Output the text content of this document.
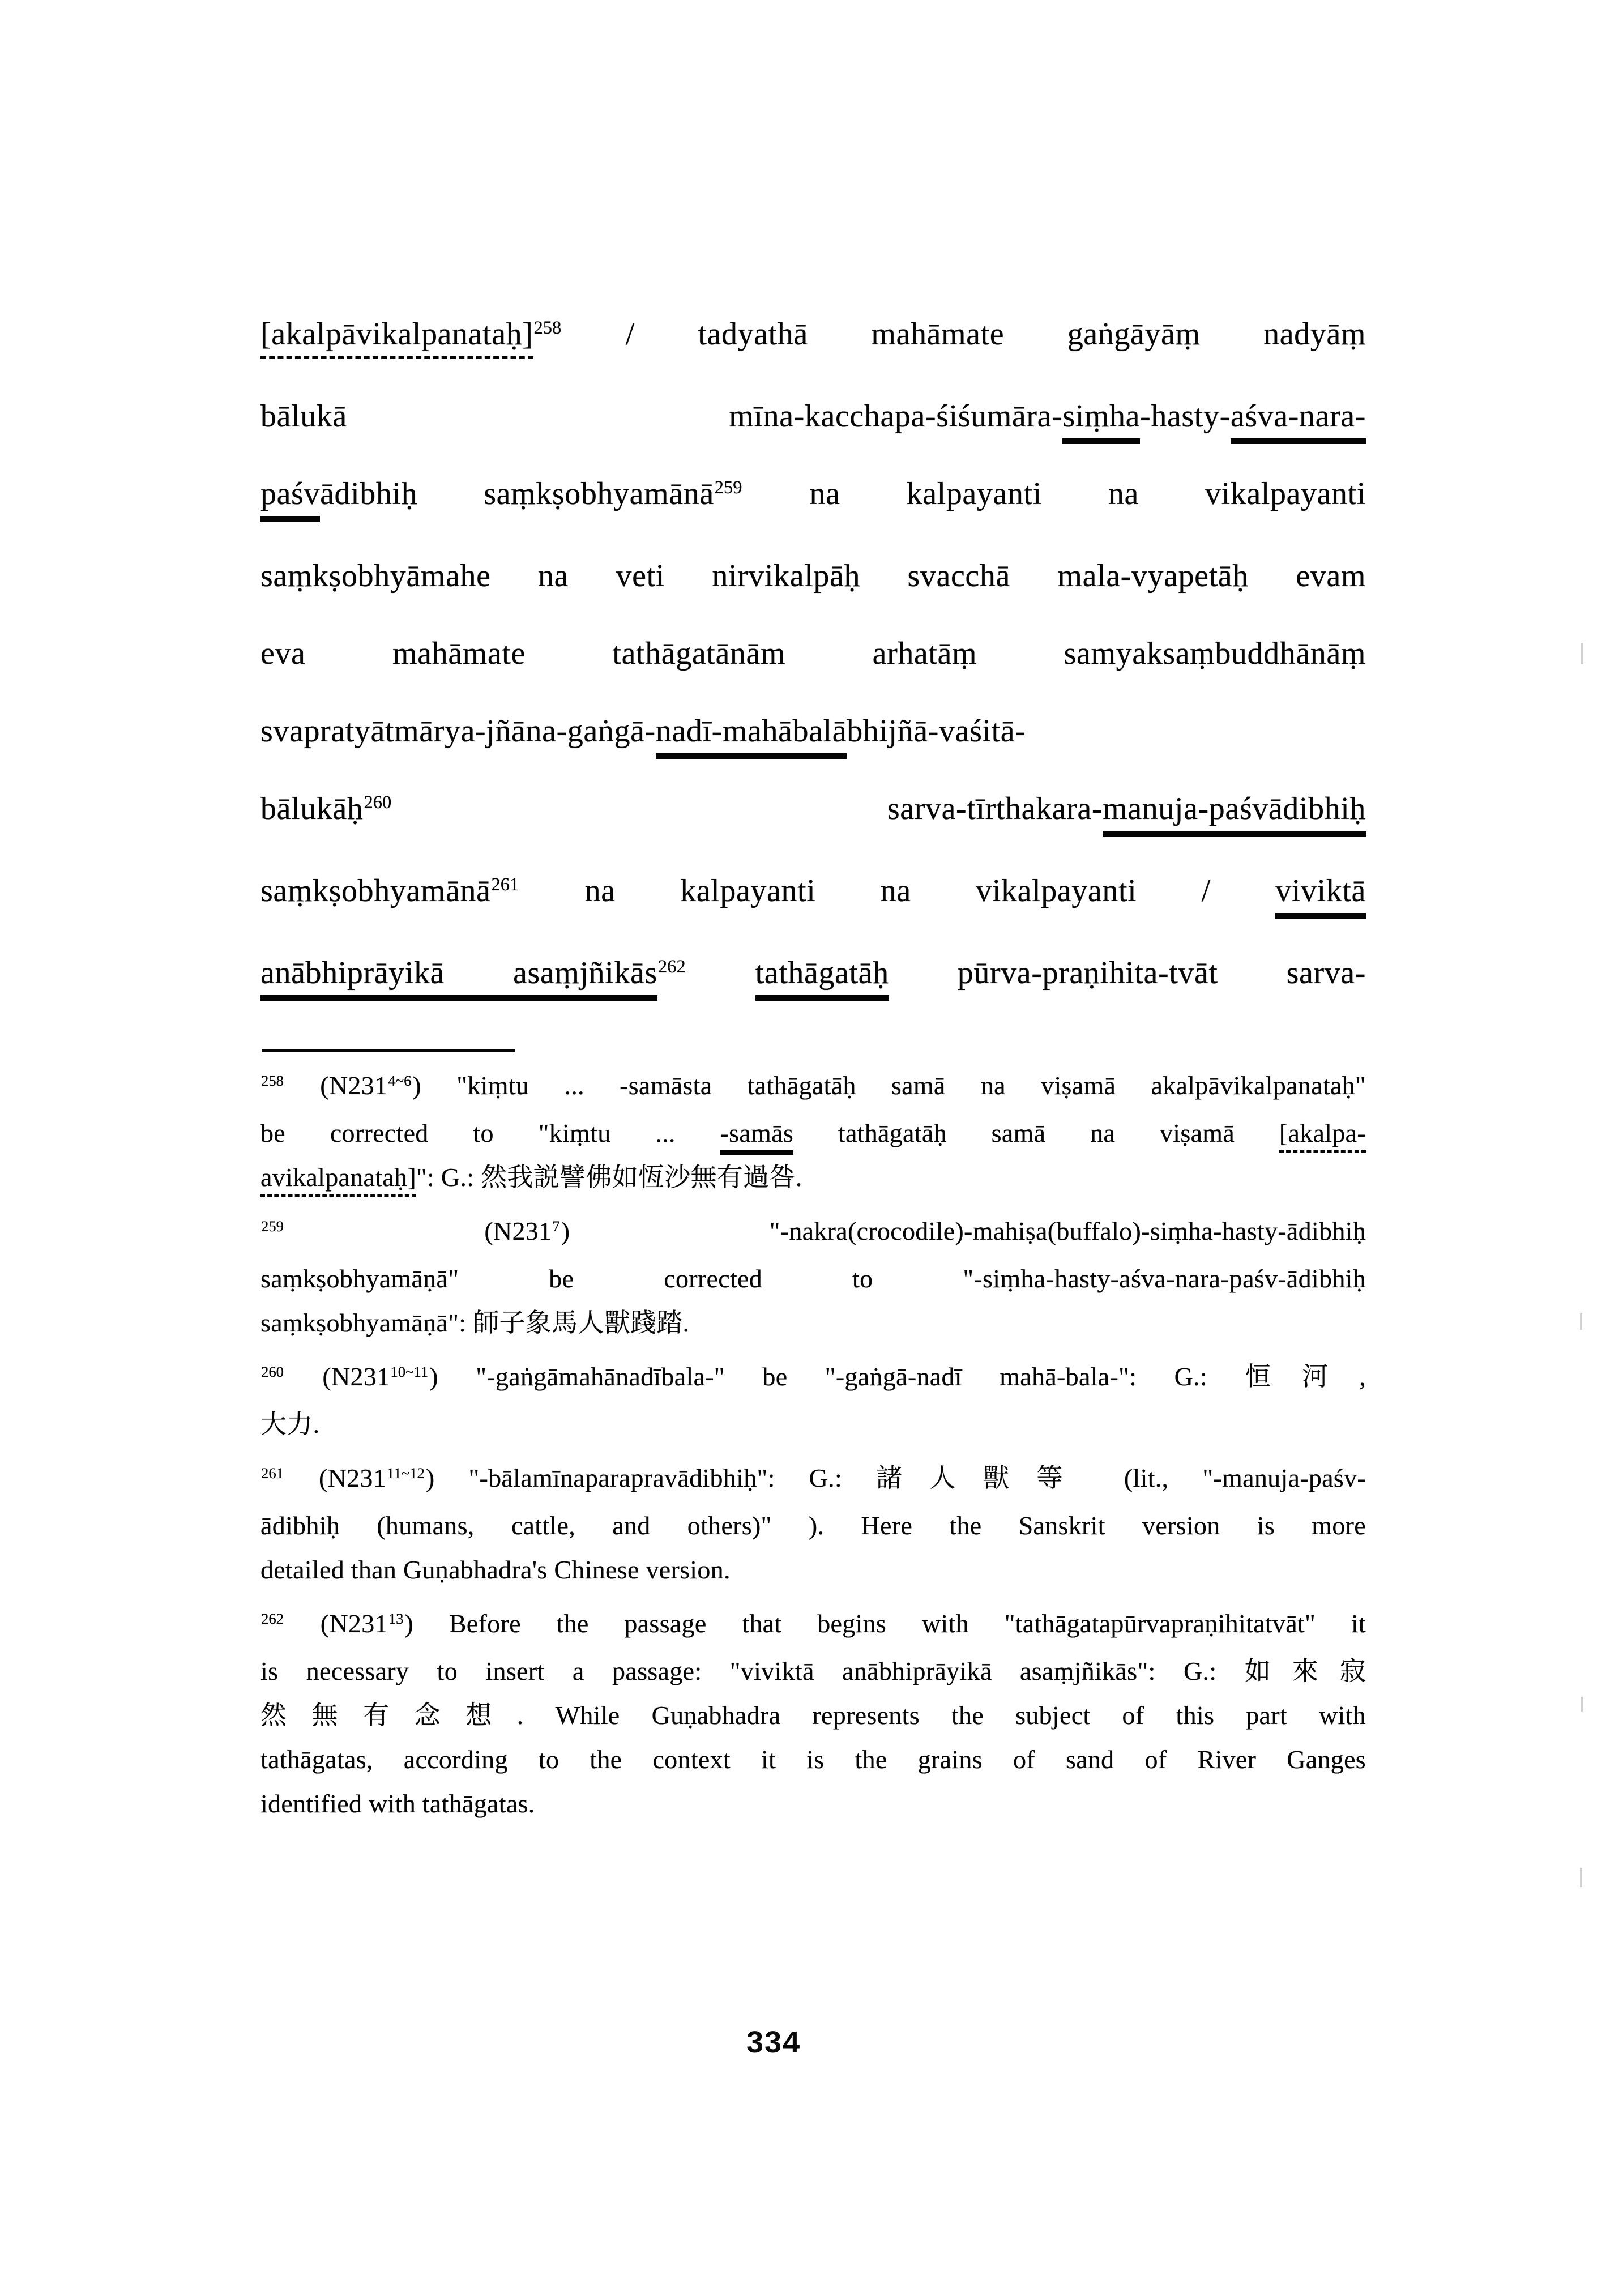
[akalpāvikalpanataḥ]$^{258}$ / tadyathā mahāmate gaṅgāyāṃ nadyāṃ
bālukā	mīna-kacchapa-śiśumāra-siṃha-hasty-aśva-nara-
paśvādibhiḥ saṃkṣobhyamānā$^{259}$ na kalpayanti na vikalpayanti
saṃkṣobhyāmahe na veti nirvikalpāḥ svacchā mala-vyapetāḥ evam
eva mahāmate tathāgatānām arhatāṃ samyaksaṃbuddhānāṃ
svapratyātmārya-jñāna-gaṅgā-nadī-mahābalābhijñā-vaśitā-
bālukāḥ$^{260}$	sarva-tīrthakara-manuja-paśvādibhiḥ
saṃkṣobhyamānā$^{261}$ na kalpayanti na vikalpayanti / viviktā
anābhiprāyikā asaṃjñikās$^{262}$ tathāgatāḥ pūrva-praṇihita-tvāt sarva-
$^{258}$ (N231$^{4\sim 6}$) "kiṃtu ... -samāsta tathāgatāḥ samā na viṣamā akalpāvikalpanataḥ"
be corrected to "kiṃtu ... -samās tathāgatāḥ samā na viṣamā [akalpa-
avikalpanataḥ]": G.: 然我説譬佛如恆沙無有過咎.
$^{259}$ (N231$^7$) "-nakra(crocodile)-mahiṣa(buffalo)-siṃha-hasty-ādibhiḥ
saṃkṣobhyamāṇā" be corrected to "-siṃha-hasty-aśva-nara-paśv-ādibhiḥ
saṃkṣobhyamāṇā": 師子象馬人獸踐踏.
$^{260}$ (N231$^{10\sim 11}$) "-gaṅgāmahānadībala-" be "-gaṅgā-nadī mahā-bala-": G.: 恒河,
大力.
$^{261}$ (N231$^{11\sim 12}$) "-bālamīnaparapravādibhiḥ": G.: 諸人獸等 (lit., "-manuja-paśv-
ādibhiḥ (humans, cattle, and others)" ). Here the Sanskrit version is more
detailed than Guṇabhadra's Chinese version.
$^{262}$ (N231$^{13}$) Before the passage that begins with "tathāgatapūrvapraṇihitatvāt" it
is necessary to insert a passage: "viviktā anābhiprāyikā asaṃjñikās": G.: 如來寂
然無有念想. While Guṇabhadra represents the subject of this part with
tathāgatas, according to the context it is the grains of sand of River Ganges
identified with tathāgatas.
334
